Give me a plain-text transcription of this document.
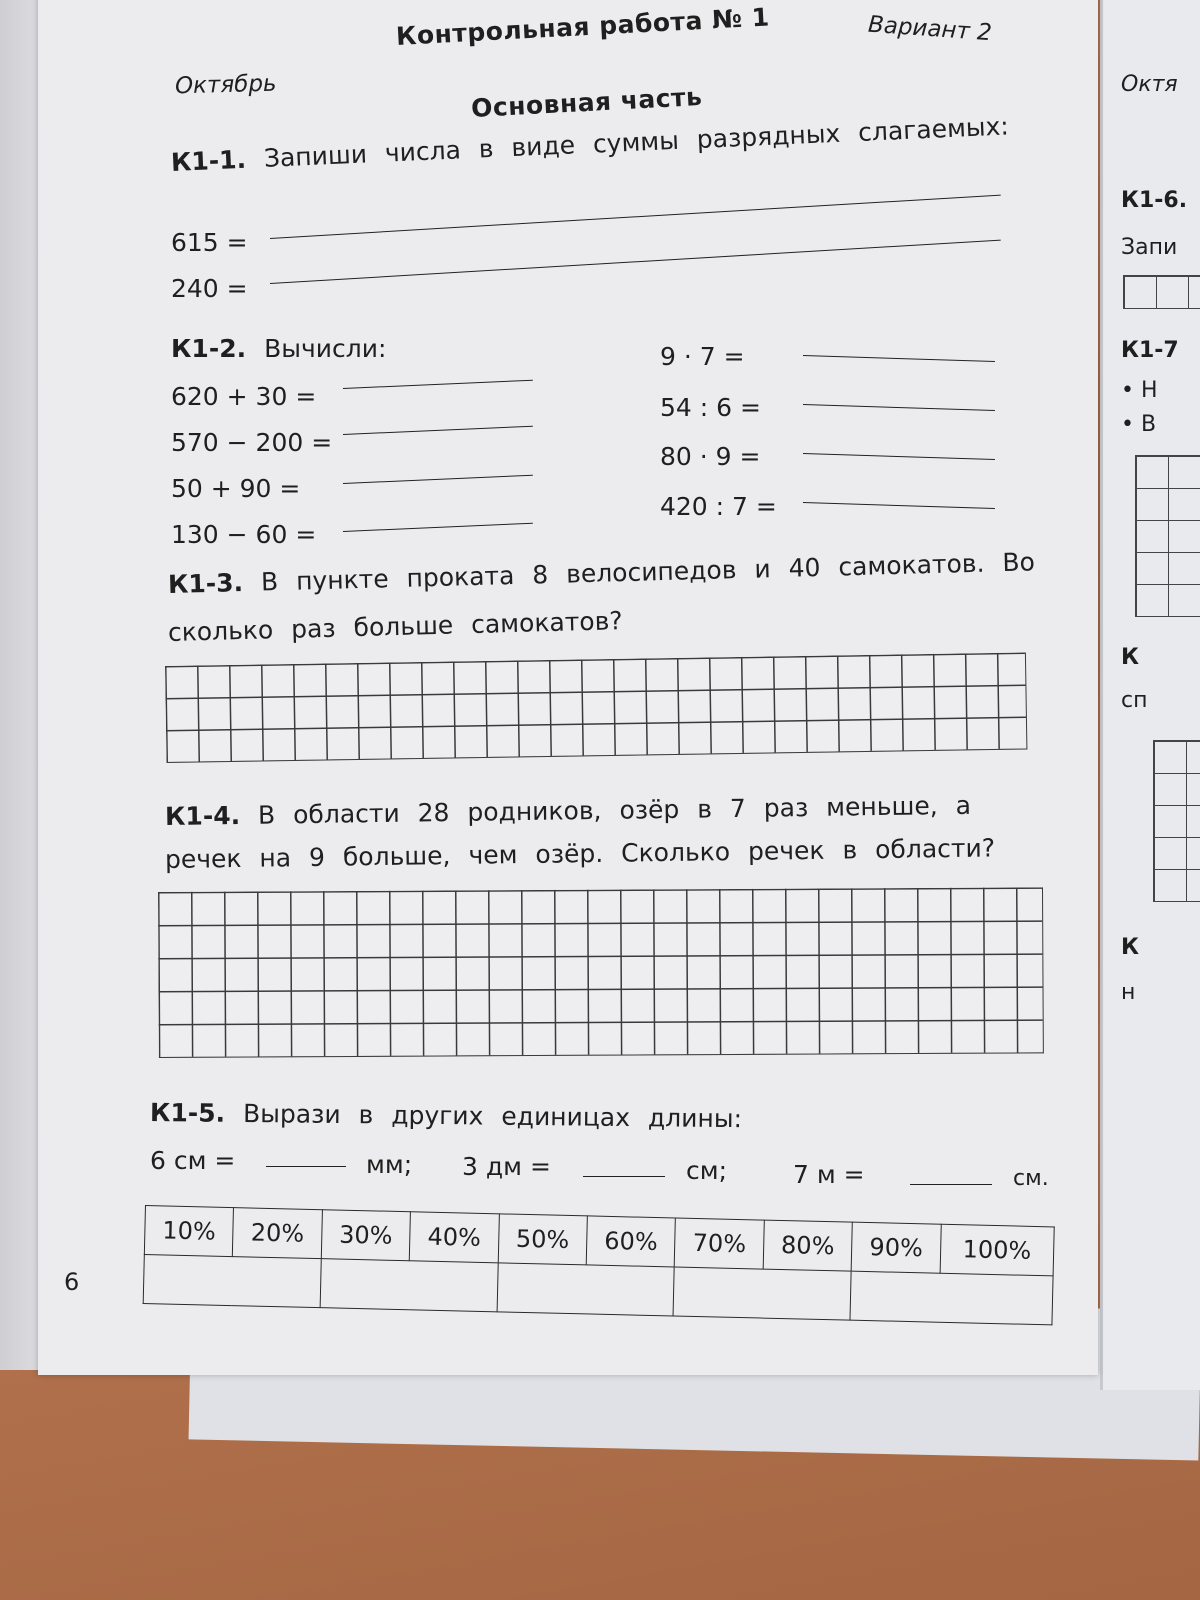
Октя
К1-6.
Запи
К1-7
• Н
• В
К
сп
К
н
Октябрь
Контрольная работа № 1	Вариант 2
Основная часть
К1-1. Запиши числа в виде суммы разрядных слагаемых:
615 =
240 =
К1-2. Вычисли:
620 + 30 =
570 − 200 =
50 + 90 =
130 − 60 =
9 · 7 =
54 : 6 =
80 · 9 =
420 : 7 =
К1-3. В пункте проката 8 велосипедов и 40 самокатов. Во
сколько раз больше самокатов?
К1-4. В области 28 родников, озёр в 7 раз меньше, а
речек на 9 больше, чем озёр. Сколько речек в области?
К1-5. Вырази в других единицах длины:
6 см =	мм; 3 дм =	см;	7 м =	см.
10%	20%	30%	40%	50%	60%	70%	80%	90%	100%

6
